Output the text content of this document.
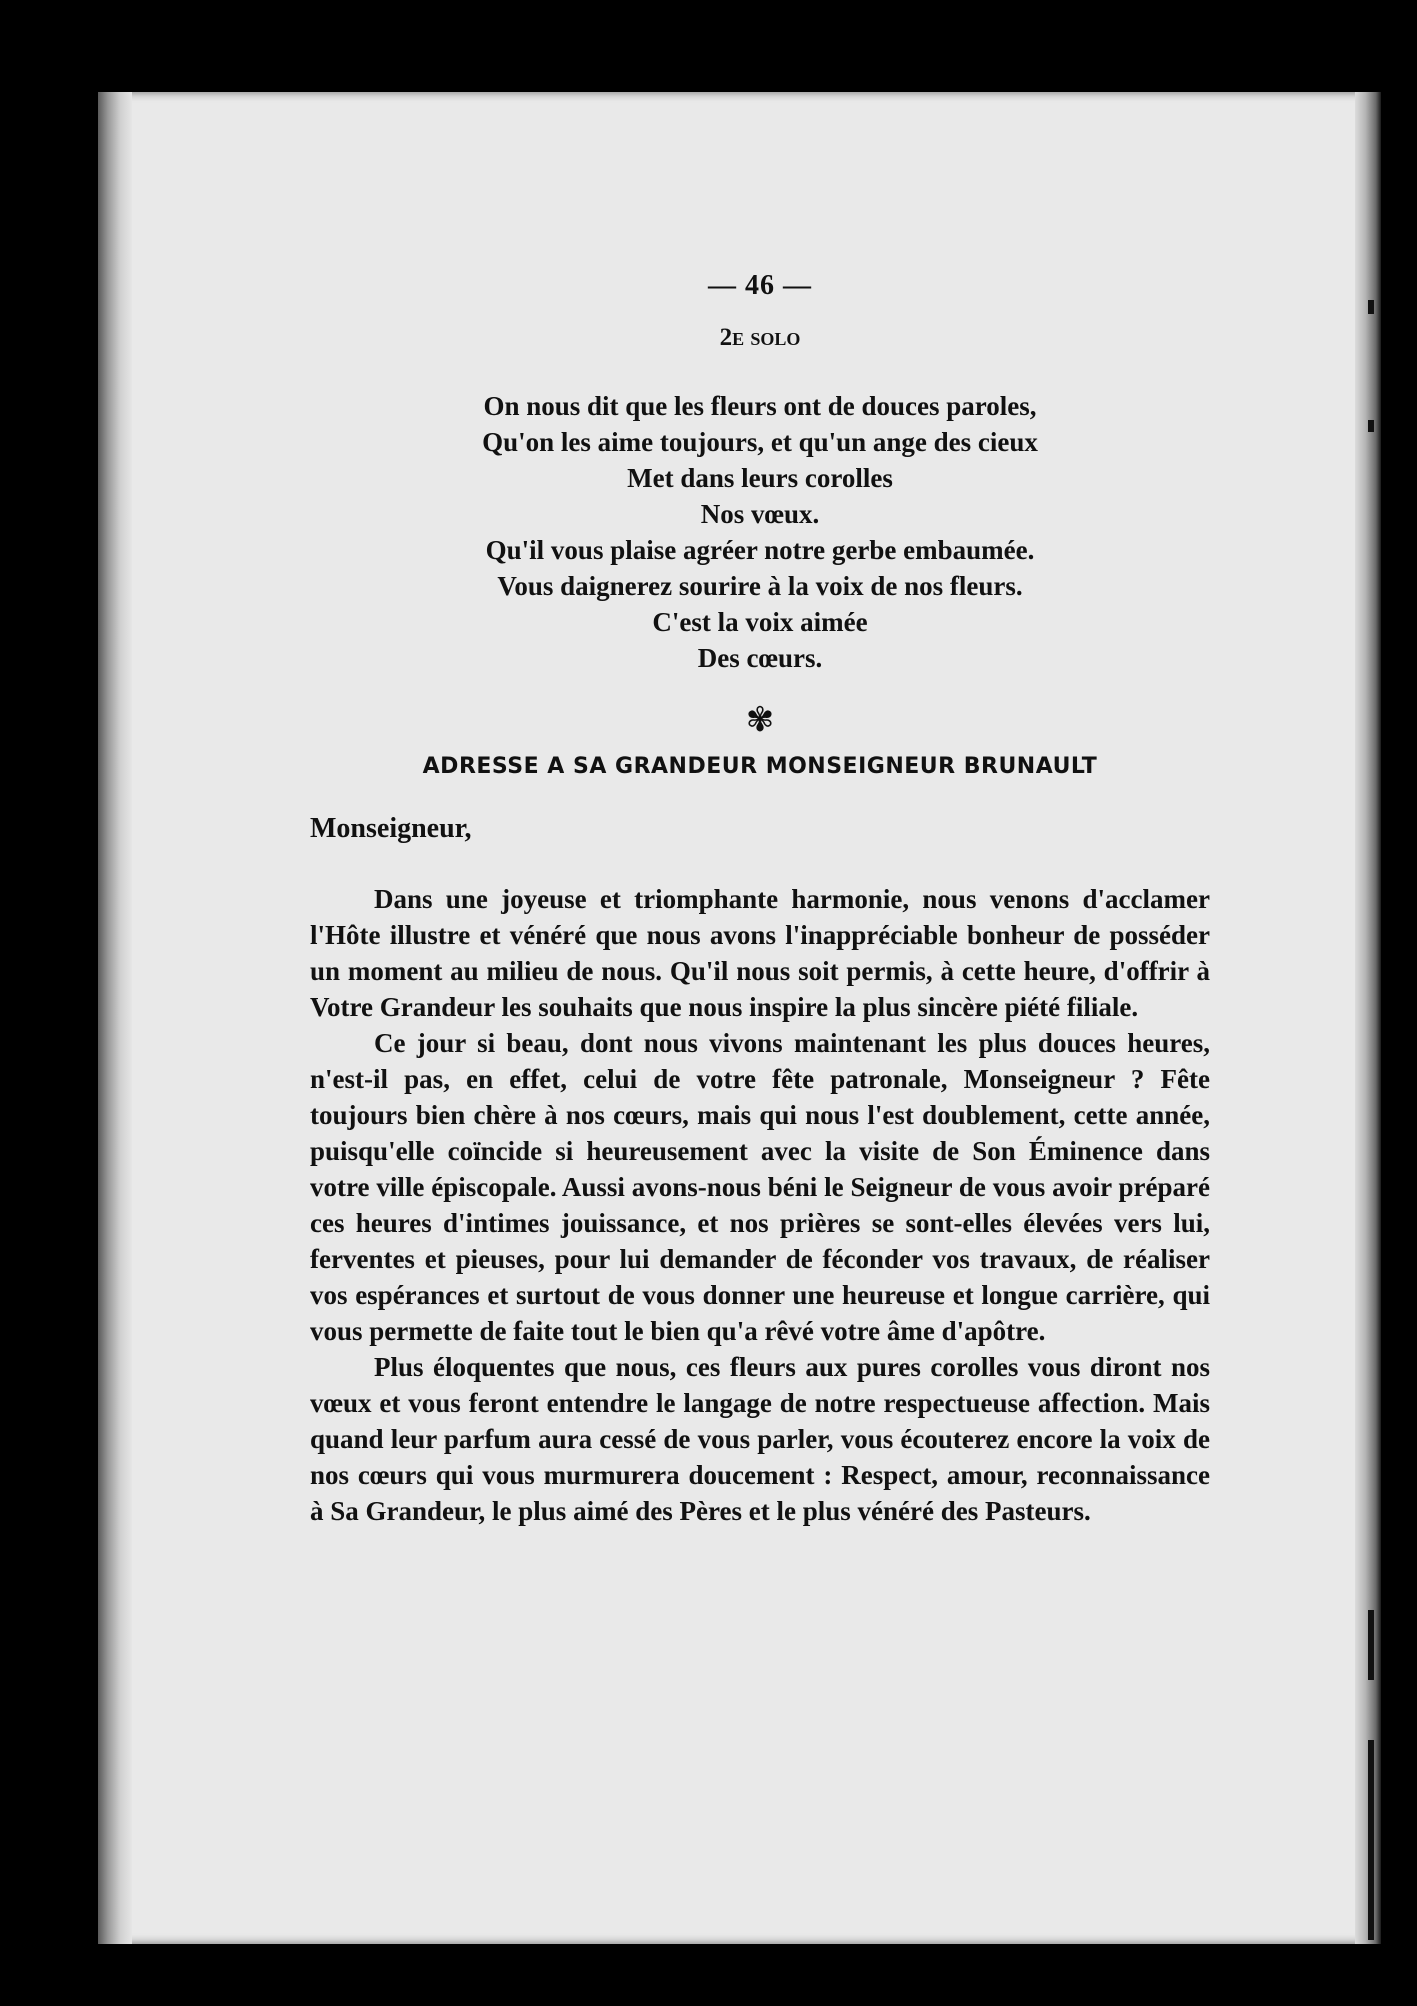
— 46 —
2e solo
On nous dit que les fleurs ont de douces paroles,
Qu'on les aime toujours, et qu'un ange des cieux
Met dans leurs corolles
Nos vœux.
Qu'il vous plaise agréer notre gerbe embaumée.
Vous daignerez sourire à la voix de nos fleurs.
C'est la voix aimée
Des cœurs.
✾
ADRESSE A SA GRANDEUR MONSEIGNEUR BRUNAULT
Monseigneur,

Dans une joyeuse et triomphante harmonie, nous venons d'acclamer l'Hôte illustre et vénéré que nous avons l'inappréciable bonheur de posséder un moment au milieu de nous. Qu'il nous soit permis, à cette heure, d'offrir à Votre Grandeur les souhaits que nous inspire la plus sincère piété filiale.

Ce jour si beau, dont nous vivons maintenant les plus douces heures, n'est-il pas, en effet, celui de votre fête patronale, Monseigneur ? Fête toujours bien chère à nos cœurs, mais qui nous l'est doublement, cette année, puisqu'elle coïncide si heureusement avec la visite de Son Éminence dans votre ville épiscopale. Aussi avons-nous béni le Seigneur de vous avoir préparé ces heures d'intimes jouissance, et nos prières se sont-elles élevées vers lui, ferventes et pieuses, pour lui demander de féconder vos travaux, de réaliser vos espérances et surtout de vous donner une heureuse et longue carrière, qui vous permette de faite tout le bien qu'a rêvé votre âme d'apôtre.

Plus éloquentes que nous, ces fleurs aux pures corolles vous diront nos vœux et vous feront entendre le langage de notre respectueuse affection. Mais quand leur parfum aura cessé de vous parler, vous écouterez encore la voix de nos cœurs qui vous murmurera doucement : Respect, amour, reconnaissance à Sa Grandeur, le plus aimé des Pères et le plus vénéré des Pasteurs.
